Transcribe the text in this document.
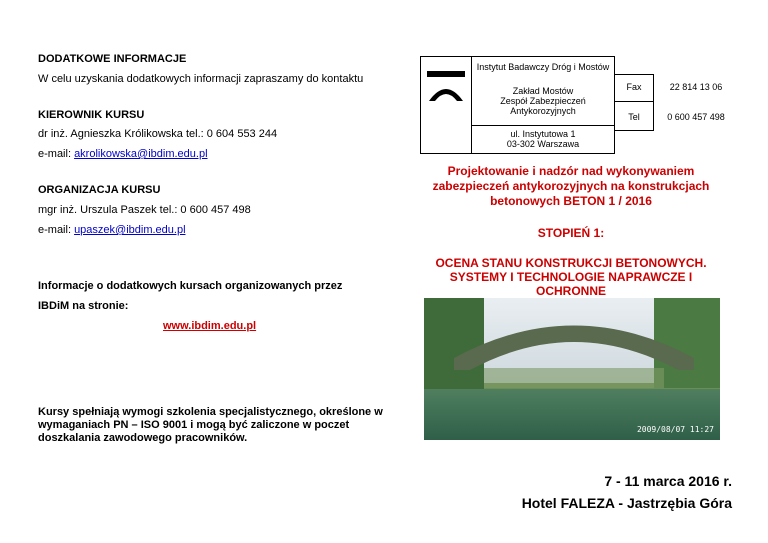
DODATKOWE INFORMACJE
W celu uzyskania dodatkowych informacji zapraszamy do kontaktu
KIEROWNIK KURSU
dr inż. Agnieszka Królikowska tel.: 0 604 553 244
e-mail: akrolikowska@ibdim.edu.pl
ORGANIZACJA KURSU
mgr inż. Urszula Paszek tel.: 0 600 457 498
e-mail: upaszek@ibdim.edu.pl
Informacje o dodatkowych kursach organizowanych przez
IBDiM na stronie:
www.ibdim.edu.pl
Kursy spełniają wymogi szkolenia specjalistycznego, określone w
wymaganiach PN – ISO 9001 i mogą być zaliczone w poczet
doszkalania zawodowego pracowników.
Instytut Badawczy Dróg i Mostów
Zakład Mostów
Zespół Zabezpieczeń
Antykorozyjnych
ul. Instytutowa 1
03-302 Warszawa
Fax	22 814 13 06
Tel	0 600 457 498
Projektowanie i nadzór nad wykonywaniem zabezpieczeń antykorozyjnych na konstrukcjach betonowych BETON 1 / 2016
STOPIEŃ 1:
OCENA STANU KONSTRUKCJI BETONOWYCH. SYSTEMY I TECHNOLOGIE NAPRAWCZE I OCHRONNE
2009/08/07 11:27
7 - 11 marca 2016 r.
Hotel FALEZA - Jastrzębia Góra
